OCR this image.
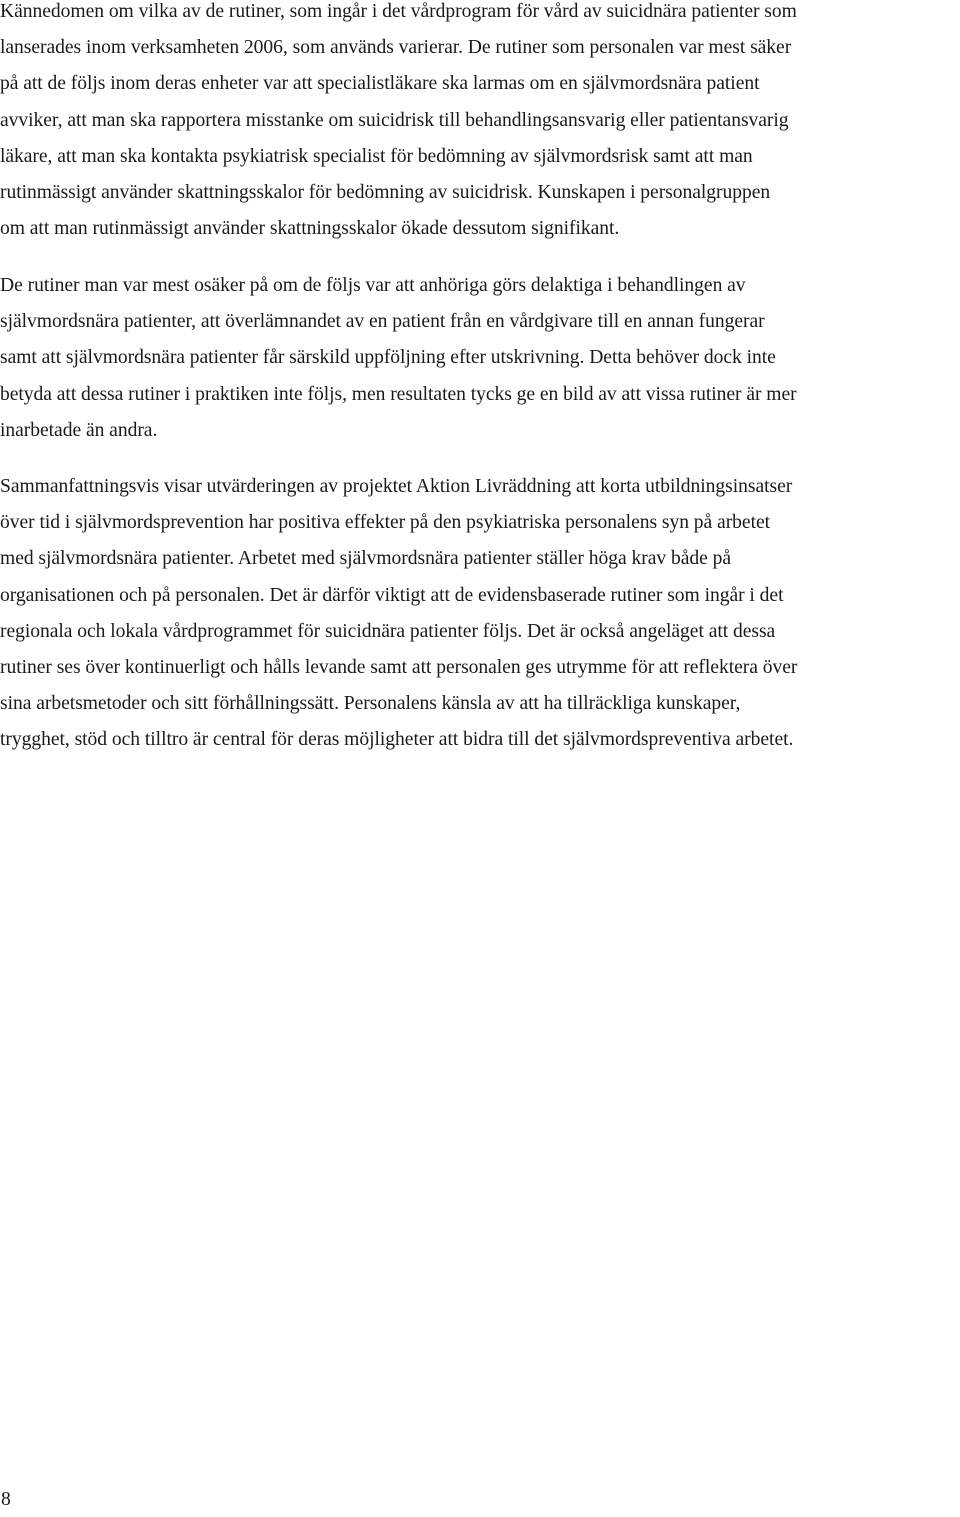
Kännedomen om vilka av de rutiner, som ingår i det vårdprogram för vård av suicidnära patienter som
lanserades inom verksamheten 2006, som används varierar. De rutiner som personalen var mest säker
på att de följs inom deras enheter var att specialistläkare ska larmas om en självmordsnära patient
avviker, att man ska rapportera misstanke om suicidrisk till behandlingsansvarig eller patientansvarig
läkare, att man ska kontakta psykiatrisk specialist för bedömning av självmordsrisk samt att man
rutinmässigt använder skattningsskalor för bedömning av suicidrisk. Kunskapen i personalgruppen
om att man rutinmässigt använder skattningsskalor ökade dessutom signifikant.

De rutiner man var mest osäker på om de följs var att anhöriga görs delaktiga i behandlingen av
självmordsnära patienter, att överlämnandet av en patient från en vårdgivare till en annan fungerar
samt att självmordsnära patienter får särskild uppföljning efter utskrivning. Detta behöver dock inte
betyda att dessa rutiner i praktiken inte följs, men resultaten tycks ge en bild av att vissa rutiner är mer
inarbetade än andra.

Sammanfattningsvis visar utvärderingen av projektet Aktion Livräddning att korta utbildningsinsatser
över tid i självmordsprevention har positiva effekter på den psykiatriska personalens syn på arbetet
med självmordsnära patienter. Arbetet med självmordsnära patienter ställer höga krav både på
organisationen och på personalen. Det är därför viktigt att de evidensbaserade rutiner som ingår i det
regionala och lokala vårdprogrammet för suicidnära patienter följs. Det är också angeläget att dessa
rutiner ses över kontinuerligt och hålls levande samt att personalen ges utrymme för att reflektera över
sina arbetsmetoder och sitt förhållningssätt. Personalens känsla av att ha tillräckliga kunskaper,
trygghet, stöd och tilltro är central för deras möjligheter att bidra till det självmordspreventiva arbetet.

8
